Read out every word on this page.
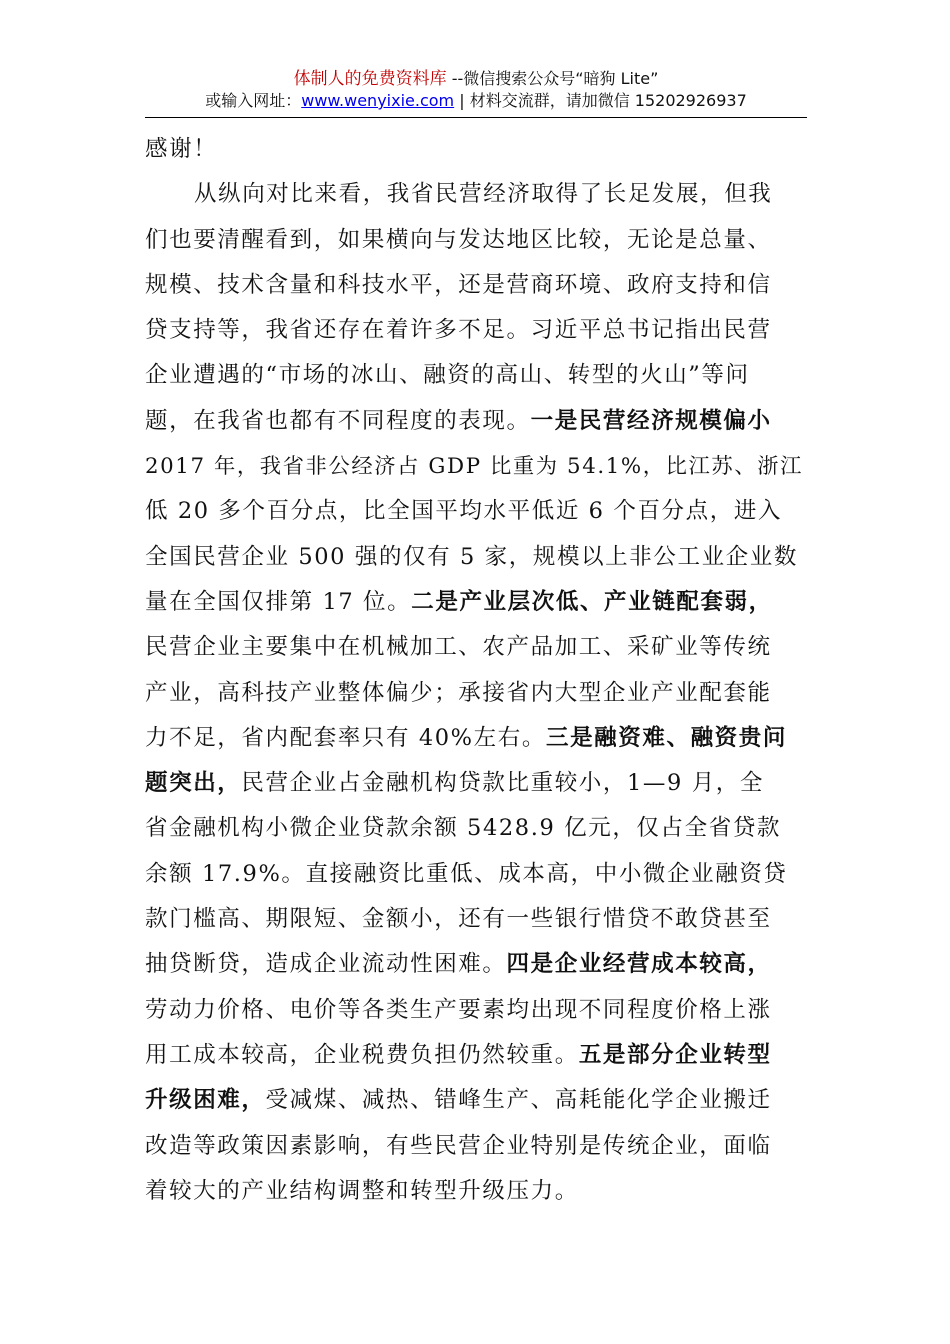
体制人的免费资料库 --微信搜索公众号“暗狗 Lite”
或输入网址：www.wenyixie.com | 材料交流群，请加微信 15202926937
感谢！
从纵向对比来看，我省民营经济取得了长足发展，但我
们也要清醒看到，如果横向与发达地区比较，无论是总量、
规模、技术含量和科技水平，还是营商环境、政府支持和信
贷支持等，我省还存在着许多不足。习近平总书记指出民营
企业遭遇的“市场的冰山、融资的高山、转型的火山”等问
题，在我省也都有不同程度的表现。一是民营经济规模偏小
2017 年，我省非公经济占 GDP 比重为 54.1%，比江苏、浙江
低 20 多个百分点，比全国平均水平低近 6 个百分点，进入
全国民营企业 500 强的仅有 5 家，规模以上非公工业企业数
量在全国仅排第 17 位。二是产业层次低、产业链配套弱，
民营企业主要集中在机械加工、农产品加工、采矿业等传统
产业，高科技产业整体偏少；承接省内大型企业产业配套能
力不足，省内配套率只有 40%左右。三是融资难、融资贵问
题突出，民营企业占金融机构贷款比重较小，1—9 月，全
省金融机构小微企业贷款余额 5428.9 亿元，仅占全省贷款
余额 17.9%。直接融资比重低、成本高，中小微企业融资贷
款门槛高、期限短、金额小，还有一些银行惜贷不敢贷甚至
抽贷断贷，造成企业流动性困难。四是企业经营成本较高，
劳动力价格、电价等各类生产要素均出现不同程度价格上涨
用工成本较高，企业税费负担仍然较重。五是部分企业转型
升级困难，受减煤、减热、错峰生产、高耗能化学企业搬迁
改造等政策因素影响，有些民营企业特别是传统企业，面临
着较大的产业结构调整和转型升级压力。
